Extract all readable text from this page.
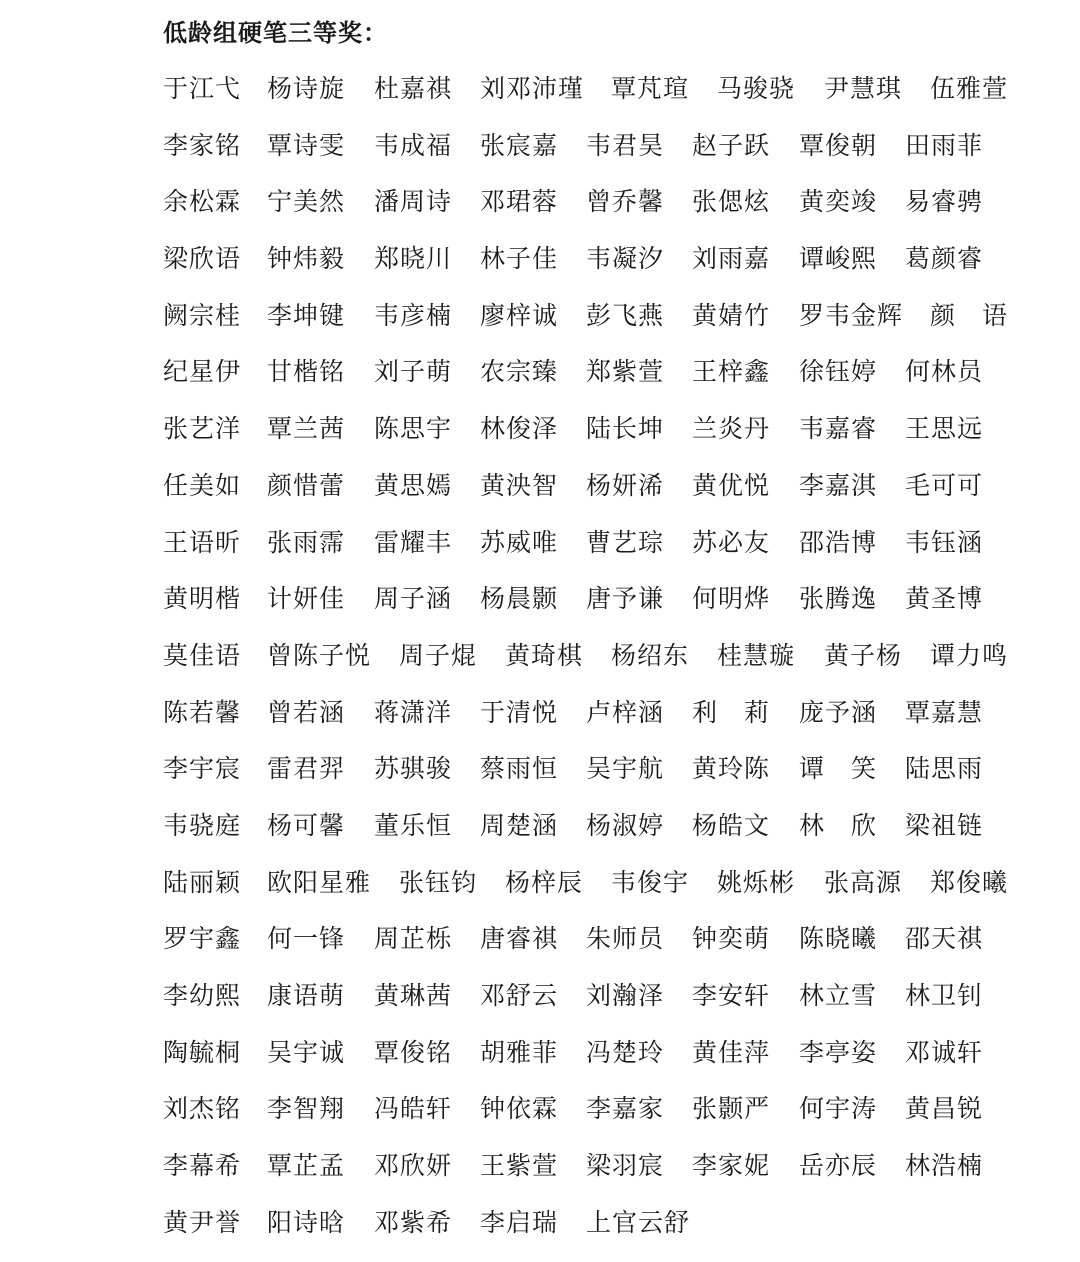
低龄组硬笔三等奖：
于江弋 杨诗旋 杜嘉祺 刘邓沛瑾 覃芃瑄 马骏骁 尹慧琪 伍雅萱
李家铭 覃诗雯 韦成福 张宸嘉 韦君昊 赵子跃 覃俊朝 田雨菲
余松霖 宁美然 潘周诗 邓珺蓉 曾乔馨 张偲炫 黄奕竣 易睿骋
梁欣语 钟炜毅 郑晓川 林子佳 韦凝汐 刘雨嘉 谭峻熙 葛颜睿
阙宗桂 李坤键 韦彦楠 廖梓诚 彭飞燕 黄婧竹 罗韦金辉 颜　语
纪星伊 甘楷铭 刘子萌 农宗臻 郑紫萱 王梓鑫 徐钰婷 何林员
张艺洋 覃兰茜 陈思宇 林俊泽 陆长坤 兰炎丹 韦嘉睿 王思远
任美如 颜惜蕾 黄思嫣 黄泱智 杨妍浠 黄优悦 李嘉淇 毛可可
王语昕 张雨霈 雷耀丰 苏威唯 曹艺琮 苏必友 邵浩博 韦钰涵
黄明楷 计妍佳 周子涵 杨晨颢 唐予谦 何明烨 张腾逸 黄圣博
莫佳语 曾陈子悦 周子焜 黄琦棋 杨绍东 桂慧璇 黄子杨 谭力鸣
陈若馨 曾若涵 蒋潇洋 于清悦 卢梓涵 利　莉 庞予涵 覃嘉慧
李宇宸 雷君羿 苏骐骏 蔡雨恒 吴宇航 黄玲陈 谭　笑 陆思雨
韦骁庭 杨可馨 董乐恒 周楚涵 杨淑婷 杨皓文 林　欣 梁祖链
陆丽颖 欧阳星雅 张钰钧 杨梓辰 韦俊宇 姚烁彬 张高源 郑俊曦
罗宇鑫 何一锋 周芷栎 唐睿祺 朱师员 钟奕萌 陈晓曦 邵天祺
李幼熙 康语萌 黄琳茜 邓舒云 刘瀚泽 李安轩 林立雪 林卫钊
陶毓桐 吴宇诚 覃俊铭 胡雅菲 冯楚玲 黄佳萍 李亭姿 邓诚轩
刘杰铭 李智翔 冯皓轩 钟依霖 李嘉家 张颢严 何宇涛 黄昌锐
李幕希 覃芷孟 邓欣妍 王紫萱 梁羽宸 李家妮 岳亦辰 林浩楠
黄尹誉 阳诗晗 邓紫希 李启瑞 上官云舒
